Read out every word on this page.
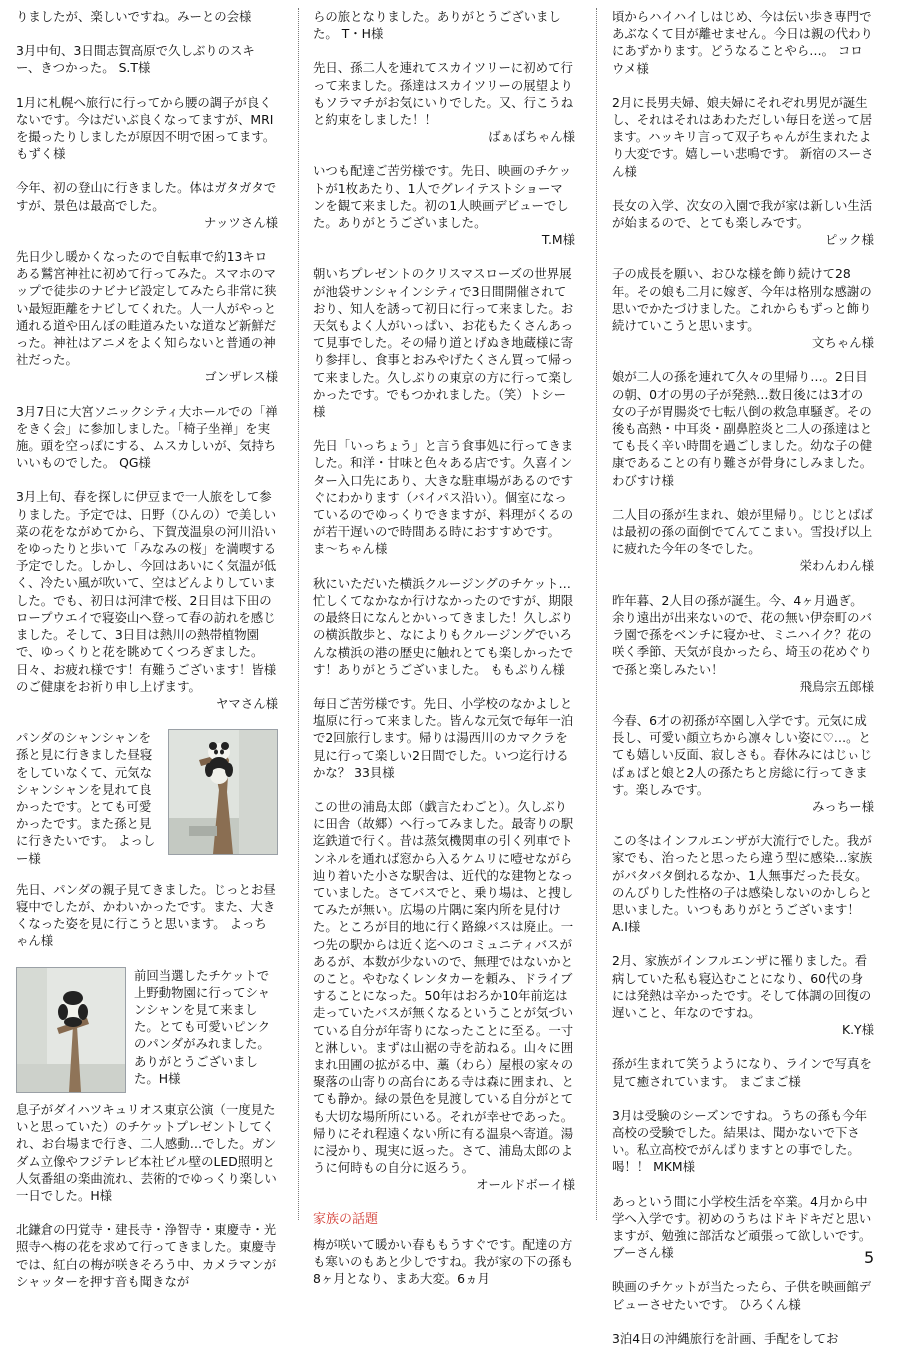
りましたが、楽しいですね。みーとの会様
3月中旬、3日間志賀高原で久しぶりのスキー、きつかった。 S.T様
1月に札幌へ旅行に行ってから腰の調子が良くないです。今はだいぶ良くなってますが、MRIを撮ったりしましたが原因不明で困ってます。 もずく様
今年、初の登山に行きました。体はガタガタですが、景色は最高でした。
ナッツさん様
先日少し暖かくなったので自転車で約13キロある鷲宮神社に初めて行ってみた。スマホのマップで徒歩のナビナビ設定してみたら非常に狭い最短距離をナビしてくれた。人一人がやっと通れる道や田んぼの畦道みたいな道など新鮮だった。神社はアニメをよく知らないと普通の神社だった。
ゴンザレス様
3月7日に大宮ソニックシティ大ホールでの「禅をきく会」に参加しました。「椅子坐禅」を実施。頭を空っぽにする、ムスカしいが、気持ちいいものでした。 QG様
3月上旬、春を探しに伊豆まで一人旅をして参りました。予定では、日野（ひんの）で美しい菜の花をながめてから、下賀茂温泉の河川沿いをゆったりと歩いて「みなみの桜」を満喫する予定でした。しかし、今回はあいにく気温が低く、冷たい風が吹いて、空はどんよりしていました。でも、初日は河津で桜、2日目は下田のロープウエイで寝姿山へ登って春の訪れを感じました。そして、3日目は熱川の熱帯植物園で、ゆっくりと花を眺めてくつろぎました。日々、お疲れ様です！有難うございます！皆様のご健康をお祈り申し上げます。
ヤマさん様
パンダのシャンシャンを孫と見に行きました昼寝をしていなくて、元気なシャンシャンを見れて良かったです。とても可愛かったです。また孫と見に行きたいです。 よっしー様
先日、パンダの親子見てきました。じっとお昼寝中でしたが、かわいかったです。また、大きくなった姿を見に行こうと思います。 よっちゃん様
前回当選したチケットで上野動物園に行ってシャンシャンを見て来ました。とても可愛いピンクのパンダがみれました。ありがとうございました。H様
息子がダイハツキュリオス東京公演（一度見たいと思っていた）のチケットプレゼントしてくれ、お台場まで行き、二人感動…でした。ガンダム立像やフジテレビ本社ビル壁のLED照明と人気番組の楽曲流れ、芸術的でゆっくり楽しい一日でした。H様
北鎌倉の円覚寺・建長寺・浄智寺・東慶寺・光照寺へ梅の花を求めて行ってきました。東慶寺では、紅白の梅が咲きそろう中、カメラマンがシャッターを押す音も聞きなが
らの旅となりました。ありがとうございました。 T・H様
先日、孫二人を連れてスカイツリーに初めて行って来ました。孫達はスカイツリーの展望よりもソラマチがお気にいりでした。又、行こうねと約束をしました！！
ばぁばちゃん様
いつも配達ご苦労様です。先日、映画のチケットが1枚あたり、1人でグレイテストショーマンを観て来ました。初の1人映画デビューでした。ありがとうございました。
T.M様
朝いちプレゼントのクリスマスローズの世界展が池袋サンシャインシティで3日間開催されており、知人を誘って初日に行って来ました。お天気もよく人がいっぱい、お花もたくさんあって見事でした。その帰り道とげぬき地蔵様に寄り参拝し、食事とおみやげたくさん買って帰って来ました。久しぶりの東京の方に行って楽しかったです。でもつかれました。（笑）トシー様
先日「いっちょう」と言う食事処に行ってきました。和洋・甘味と色々ある店です。久喜インター入口先にあり、大きな駐車場があるのですぐにわかります（バイパス沿い）。個室になっているのでゆっくりできますが、料理がくるのが若干遅いので時間ある時におすすめです。 ま～ちゃん様
秋にいただいた横浜クルージングのチケット…忙しくてなかなか行けなかったのですが、期限の最終日になんとかいってきました！久しぶりの横浜散歩と、なによりもクルージングでいろんな横浜の港の歴史に触れとても楽しかったです！ありがとうございました。 ももぷりん様
毎日ご苦労様です。先日、小学校のなかよしと塩原に行って来ました。皆んな元気で毎年一泊で2回旅行します。帰りは湯西川のカマクラを見に行って楽しい2日間でした。いつ迄行けるかな？ 33貝様
この世の浦島太郎（戯言たわごと）。久しぶりに田舎（故郷）へ行ってみました。最寄りの駅迄鉄道で行く。昔は蒸気機関車の引く列車でトンネルを通れば窓から入るケムリに噎せながら辿り着いた小さな駅舎は、近代的な建物となっていました。さてバスでと、乗り場は、と捜してみたが無い。広場の片隅に案内所を見付けた。ところが目的地に行く路線バスは廃止。一つ先の駅からは近く迄へのコミュニティバスがあるが、本数が少ないので、無理ではないかとのこと。やむなくレンタカーを頼み、ドライブすることになった。50年はおろか10年前迄は走っていたバスが無くなるということが気づいている自分が年寄りになったことに至る。一寸と淋しい。まずは山裾の寺を訪ねる。山々に囲まれ田圃の拡がる中、藁（わら）屋根の家々の聚落の山寄りの高台にある寺は森に囲まれ、とても静か。緑の景色を見渡している自分がとても大切な場所所にいる。それが幸せであった。帰りにそれ程遠くない所に有る温泉へ寄道。湯に浸かり、現実に返った。さて、浦島太郎のように何時もの自分に返ろう。
オールドボーイ様
家族の話題
梅が咲いて暖かい春ももうすぐです。配達の方も寒いのもあと少しですね。我が家の下の孫も8ヶ月となり、まあ大変。6ヵ月
頃からハイハイしはじめ、今は伝い歩き専門であぶなくて目が離せません。今日は親の代わりにあずかります。どうなることやら…。 コロウメ様
2月に長男夫婦、娘夫婦にそれぞれ男児が誕生し、それはそれはあわただしい毎日を送って居ます。ハッキリ言って双子ちゃんが生まれたより大変です。嬉しーい悲鳴です。 新宿のスーさん様
長女の入学、次女の入園で我が家は新しい生活が始まるので、とても楽しみです。
ピック様
子の成長を願い、おひな様を飾り続けて28年。その娘も二月に嫁ぎ、今年は格別な感謝の思いでかたづけました。これからもずっと飾り続けていこうと思います。
文ちゃん様
娘が二人の孫を連れて久々の里帰り…。2日目の朝、0才の男の子が発熱…数日後には3才の女の子が胃腸炎で七転八倒の救急車騒ぎ。その後も高熱・中耳炎・副鼻腔炎と二人の孫達はとても長く辛い時間を過ごしました。幼な子の健康であることの有り難さが骨身にしみました。 わびすけ様
二人目の孫が生まれ、娘が里帰り。じじとばばは最初の孫の面倒でてんてこまい。雪投げ以上に疲れた今年の冬でした。
栄わんわん様
昨年暮、2人目の孫が誕生。今、4ヶ月過ぎ。余り遠出が出来ないので、花の無い伊奈町のバラ園で孫をベンチに寝かせ、ミニハイク？花の咲く季節、天気が良かったら、埼玉の花めぐりで孫と楽しみたい！
飛鳥宗五郎様
今春、6才の初孫が卒園し入学です。元気に成長し、可愛い顔立ちから凛々しい姿に♡…。とても嬉しい反面、寂しさも。春休みにはじぃじばぁばと娘と2人の孫たちと房総に行ってきます。楽しみです。
みっちー様
この冬はインフルエンザが大流行でした。我が家でも、治ったと思ったら違う型に感染…家族がバタバタ倒れるなか、1人無事だった長女。のんびりした性格の子は感染しないのかしらと思いました。いつもありがとうございます！ A.I様
2月、家族がインフルエンザに罹りました。看病していた私も寝込むことになり、60代の身には発熱は辛かったです。そして体調の回復の遅いこと、年なのですね。
K.Y様
孫が生まれて笑うようになり、ラインで写真を見て癒されています。 まごまご様
3月は受験のシーズンですね。うちの孫も今年高校の受験でした。結果は、聞かないで下さい。私立高校でがんばりますとの事でした。喝！！ MKM様
あっという間に小学校生活を卒業。4月から中学へ入学です。初めのうちはドキドキだと思いますが、勉強に部活など頑張って欲しいです。 ブーさん様
映画のチケットが当たったら、子供を映画館デビューさせたいです。 ひろくん様
3泊4日の沖縄旅行を計画、手配をしてお
5
